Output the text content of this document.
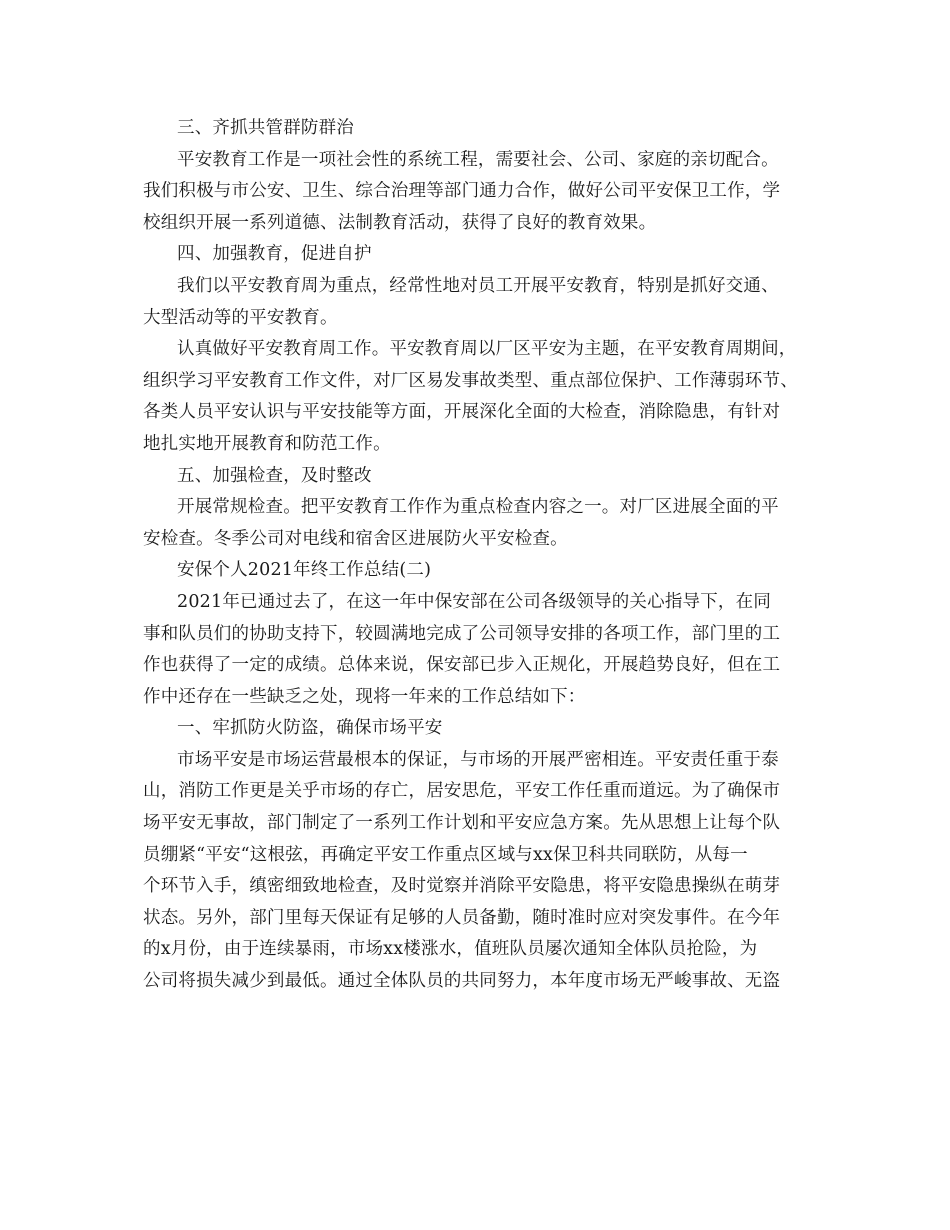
三、齐抓共管群防群治
平安教育工作是一项社会性的系统工程，需要社会、公司、家庭的亲切配合。
我们积极与市公安、卫生、综合治理等部门通力合作，做好公司平安保卫工作，学
校组织开展一系列道德、法制教育活动，获得了良好的教育效果。
四、加强教育，促进自护
我们以平安教育周为重点，经常性地对员工开展平安教育，特别是抓好交通、
大型活动等的平安教育。
认真做好平安教育周工作。平安教育周以厂区平安为主题，在平安教育周期间，
组织学习平安教育工作文件，对厂区易发事故类型、重点部位保护、工作薄弱环节、
各类人员平安认识与平安技能等方面，开展深化全面的大检查，消除隐患，有针对
地扎实地开展教育和防范工作。
五、加强检查，及时整改
开展常规检查。把平安教育工作作为重点检查内容之一。对厂区进展全面的平
安检查。冬季公司对电线和宿舍区进展防火平安检查。
安保个人2021年终工作总结(二)
2021年已通过去了，在这一年中保安部在公司各级领导的关心指导下，在同
事和队员们的协助支持下，较圆满地完成了公司领导安排的各项工作，部门里的工
作也获得了一定的成绩。总体来说，保安部已步入正规化，开展趋势良好，但在工
作中还存在一些缺乏之处，现将一年来的工作总结如下：
一、牢抓防火防盗，确保市场平安
市场平安是市场运营最根本的保证，与市场的开展严密相连。平安责任重于泰
山，消防工作更是关乎市场的存亡，居安思危，平安工作任重而道远。为了确保市
场平安无事故，部门制定了一系列工作计划和平安应急方案。先从思想上让每个队
员绷紧“平安“这根弦，再确定平安工作重点区域与xx保卫科共同联防，从每一
个环节入手，缜密细致地检查，及时觉察并消除平安隐患，将平安隐患操纵在萌芽
状态。另外，部门里每天保证有足够的人员备勤，随时准时应对突发事件。在今年
的x月份，由于连续暴雨，市场xx楼涨水，值班队员屡次通知全体队员抢险，为
公司将损失减少到最低。通过全体队员的共同努力，本年度市场无严峻事故、无盗
